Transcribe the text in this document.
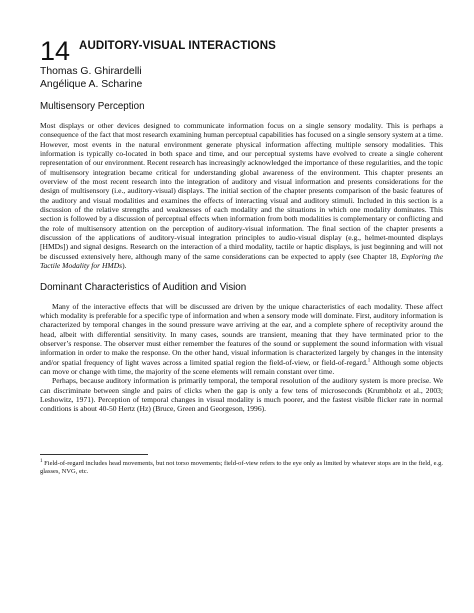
14 AUDITORY-VISUAL INTERACTIONS
Thomas G. Ghirardelli
Angélique A. Scharine
Multisensory Perception

Most displays or other devices designed to communicate information focus on a single sensory modality. This is perhaps a consequence of the fact that most research examining human perceptual capabilities has focused on a single sensory system at a time. However, most events in the natural environment generate physical information affecting multiple sensory modalities. This information is typically co-located in both space and time, and our perceptual systems have evolved to create a single coherent representation of our environment. Recent research has increasingly acknowledged the importance of these regularities, and the topic of multisensory integration became critical for understanding global awareness of the environment. This chapter presents an overview of the most recent research into the integration of auditory and visual information and presents considerations for the design of multisensory (i.e., auditory-visual) displays. The initial section of the chapter presents comparison of the basic features of the auditory and visual modalities and examines the effects of interacting visual and auditory stimuli. Included in this section is a discussion of the relative strengths and weaknesses of each modality and the situations in which one modality dominates. This section is followed by a discussion of perceptual effects when information from both modalities is complementary or conflicting and the role of multisensory attention on the perception of auditory-visual information. The final section of the chapter presents a discussion of the applications of auditory-visual integration principles to audio-visual display (e.g., helmet-mounted displays [HMDs]) and signal designs. Research on the interaction of a third modality, tactile or haptic displays, is just beginning and will not be discussed extensively here, although many of the same considerations can be expected to apply (see Chapter 18, Exploring the Tactile Modality for HMDs).

Dominant Characteristics of Audition and Vision

Many of the interactive effects that will be discussed are driven by the unique characteristics of each modality. These affect which modality is preferable for a specific type of information and when a sensory mode will dominate. First, auditory information is characterized by temporal changes in the sound pressure wave arriving at the ear, and a complete sphere of receptivity around the head, albeit with differential sensitivity. In many cases, sounds are transient, meaning that they have terminated prior to the observer’s response. The observer must either remember the features of the sound or supplement the sound information with visual information in order to make the response. On the other hand, visual information is characterized largely by changes in the intensity and/or spatial frequency of light waves across a limited spatial region the field-of-view, or field-of-regard.$^1$ Although some objects can move or change with time, the majority of the scene elements will remain constant over time.

Perhaps, because auditory information is primarily temporal, the temporal resolution of the auditory system is more precise. We can discriminate between single and pairs of clicks when the gap is only a few tens of microseconds (Krumbholz et al., 2003; Leshowitz, 1971). Perception of temporal changes in visual modality is much poorer, and the fastest visible flicker rate in normal conditions is about 40-50 Hertz (Hz) (Bruce, Green and Georgeson, 1996).

$^1$ Field-of-regard includes head movements, but not torso movements; field-of-view refers to the eye only as limited by whatever stops are in the field, e.g. glasses, NVG, etc.
